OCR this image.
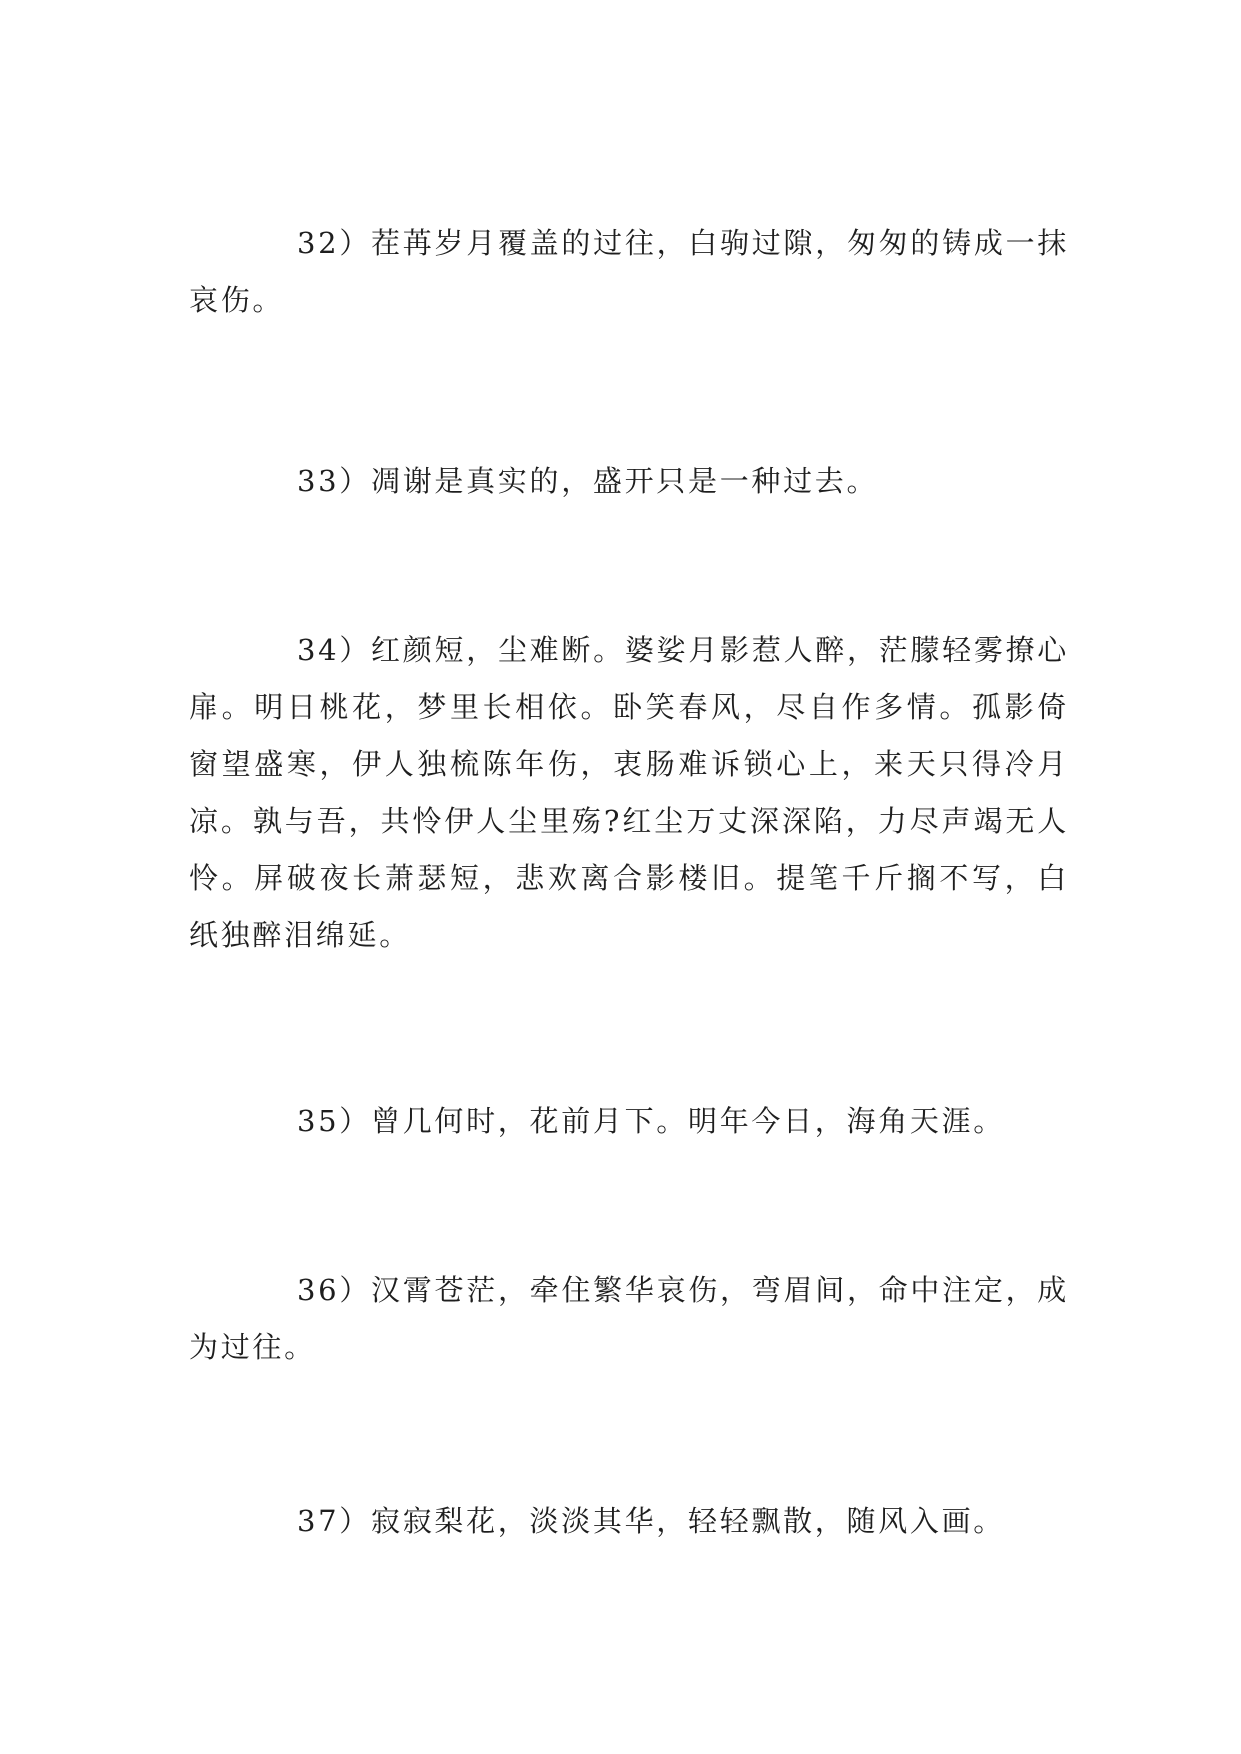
32）茬苒岁月覆盖的过往，白驹过隙，匆匆的铸成一抹哀伤。

33）凋谢是真实的，盛开只是一种过去。

34）红颜短，尘难断。婆娑月影惹人醉，茫朦轻雾撩心扉。明日桃花，梦里长相依。卧笑春风，尽自作多情。孤影倚窗望盛寒，伊人独梳陈年伤，衷肠难诉锁心上，来天只得冷月凉。孰与吾，共怜伊人尘里殇?红尘万丈深深陷，力尽声竭无人怜。屏破夜长萧瑟短，悲欢离合影楼旧。提笔千斤搁不写，白纸独醉泪绵延。

35）曾几何时，花前月下。明年今日，海角天涯。

36）汉霄苍茫，牵住繁华哀伤，弯眉间，命中注定，成为过往。

37）寂寂梨花，淡淡其华，轻轻飘散，随风入画。
